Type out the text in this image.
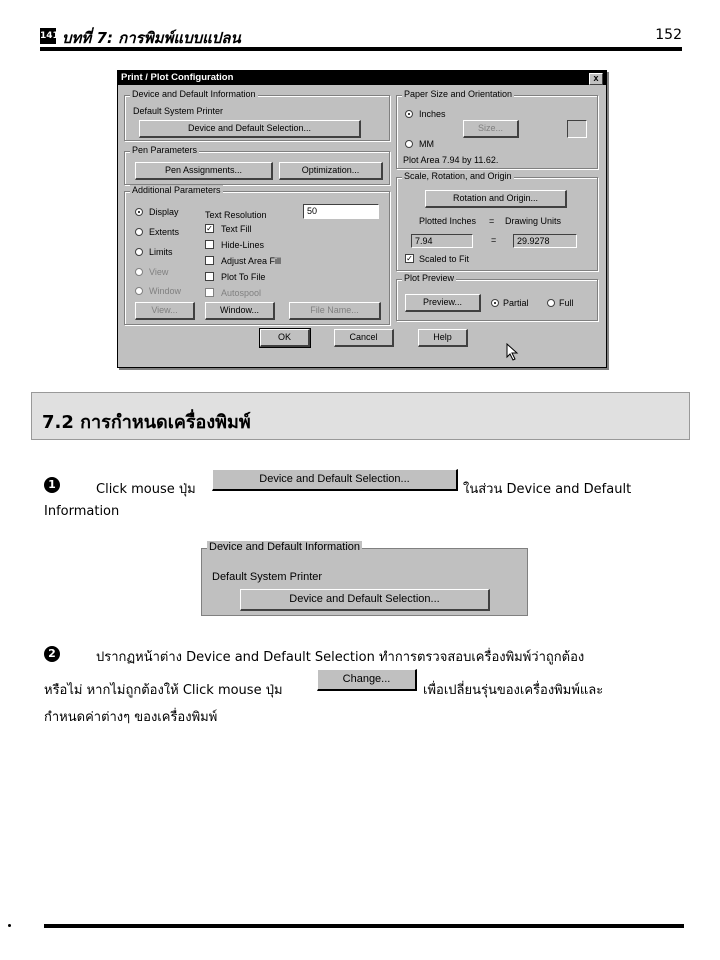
141 บทที่ 7: การพิมพ์แบบแปลน	152
Print / Plot Configuration	x
Device and Default Information
Default System Printer
Device and Default Selection...
Pen Parameters
Pen Assignments...	Optimization...
Additional Parameters
Display
Extents
Limits
View
Window
Text Resolution	50
✓ Text Fill
Hide-Lines
Adjust Area Fill
Plot To File
Autospool
View...	Window...	File Name...
Paper Size and Orientation
Inches
Size...
MM
Plot Area 7.94 by 11.62.
Scale, Rotation, and Origin
Rotation and Origin...
Plotted Inches = Drawing Units
7.94	=	29.9278
✓ Scaled to Fit
Plot Preview
Preview...	Partial	Full
OK	Cancel	Help
7.2 การกำหนดเครื่องพิมพ์
1	Click mouse ปุ่ม
Device and Default Selection...
ในส่วน Device and Default
Information
Device and Default Information
Default System Printer
Device and Default Selection...
2	ปรากฏหน้าต่าง Device and Default Selection ทำการตรวจสอบเครื่องพิมพ์ว่าถูกต้อง
หรือไม่ หากไม่ถูกต้องให้ Click mouse ปุ่ม
Change...
เพื่อเปลี่ยนรุ่นของเครื่องพิมพ์และ
กำหนดค่าต่างๆ ของเครื่องพิมพ์
